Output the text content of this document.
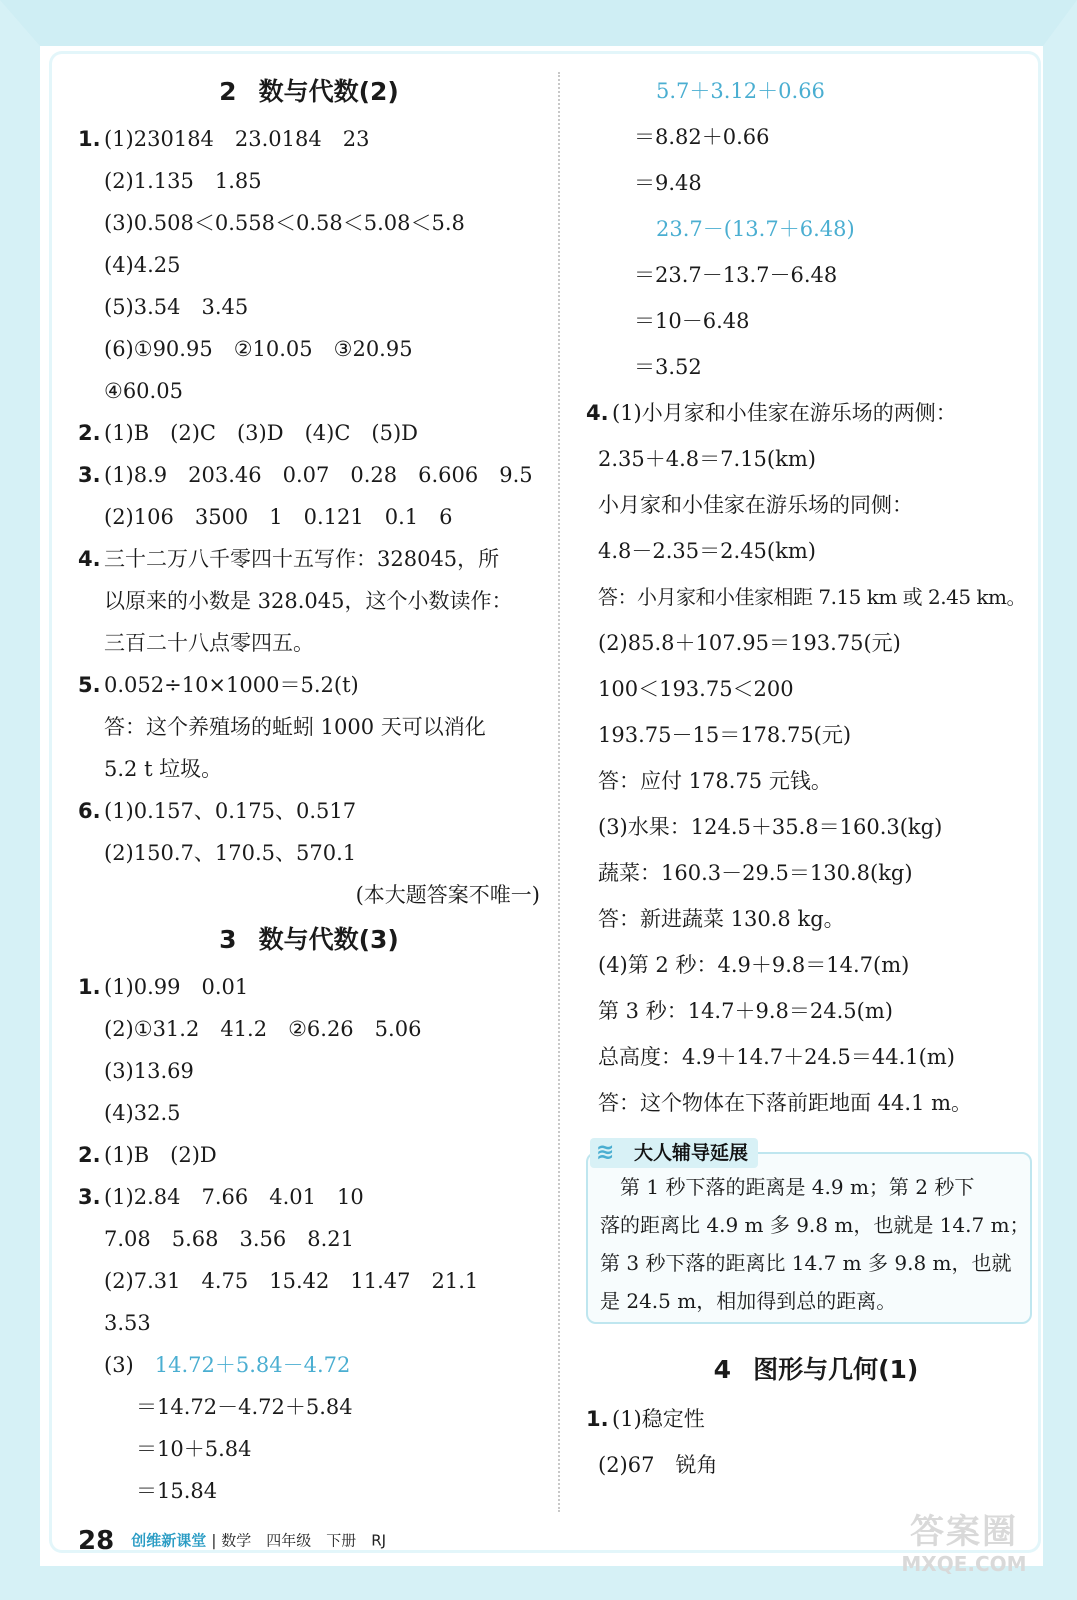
2 数与代数(2)
1. (1)230184　23.0184　23
(2)1.135　1.85
(3)0.508＜0.558＜0.58＜5.08＜5.8
(4)4.25
(5)3.54　3.45
(6)①90.95　②10.05　③20.95
④60.05
2. (1)B　(2)C　(3)D　(4)C　(5)D
3. (1)8.9　203.46　0.07　0.28　6.606　9.5
(2)106　3500　1　0.121　0.1　6
4. 三十二万八千零四十五写作：328045，所
以原来的小数是 328.045，这个小数读作：
三百二十八点零四五。
5. 0.052÷10×1000＝5.2(t)
答：这个养殖场的蚯蚓 1000 天可以消化
5.2 t 垃圾。
6. (1)0.157、0.175、0.517
(2)150.7、170.5、570.1
(本大题答案不唯一)
3 数与代数(3)
1. (1)0.99　0.01
(2)①31.2　41.2　②6.26　5.06
(3)13.69
(4)32.5
2. (1)B　(2)D
3. (1)2.84　7.66　4.01　10
7.08　5.68　3.56　8.21
(2)7.31　4.75　15.42　11.47　21.1
3.53
(3)　 14.72＋5.84－4.72
＝14.72－4.72＋5.84
＝10＋5.84
＝15.84
5.7＋3.12＋0.66
＝8.82＋0.66
＝9.48
23.7－(13.7＋6.48)
＝23.7－13.7－6.48
＝10－6.48
＝3.52
4. (1)小月家和小佳家在游乐场的两侧：
2.35＋4.8＝7.15(km)
小月家和小佳家在游乐场的同侧：
4.8－2.35＝2.45(km)
答：小月家和小佳家相距 7.15 km 或 2.45 km。
(2)85.8＋107.95＝193.75(元)
100＜193.75＜200
193.75－15＝178.75(元)
答：应付 178.75 元钱。
(3)水果：124.5＋35.8＝160.3(kg)
蔬菜：160.3－29.5＝130.8(kg)
答：新进蔬菜 130.8 kg。
(4)第 2 秒：4.9＋9.8＝14.7(m)
第 3 秒：14.7＋9.8＝24.5(m)
总高度：4.9＋14.7＋24.5＝44.1(m)
答：这个物体在下落前距地面 44.1 m。
≋ 大人辅导延展
　第 1 秒下落的距离是 4.9 m；第 2 秒下
落的距离比 4.9 m 多 9.8 m，也就是 14.7 m；
第 3 秒下落的距离比 14.7 m 多 9.8 m，也就
是 24.5 m，相加得到总的距离。
4 图形与几何(1)
1. (1)稳定性
(2)67　锐角
28 创维新课堂 | 数学　四年级　下册　RJ	答案圈
MXQE.COM
